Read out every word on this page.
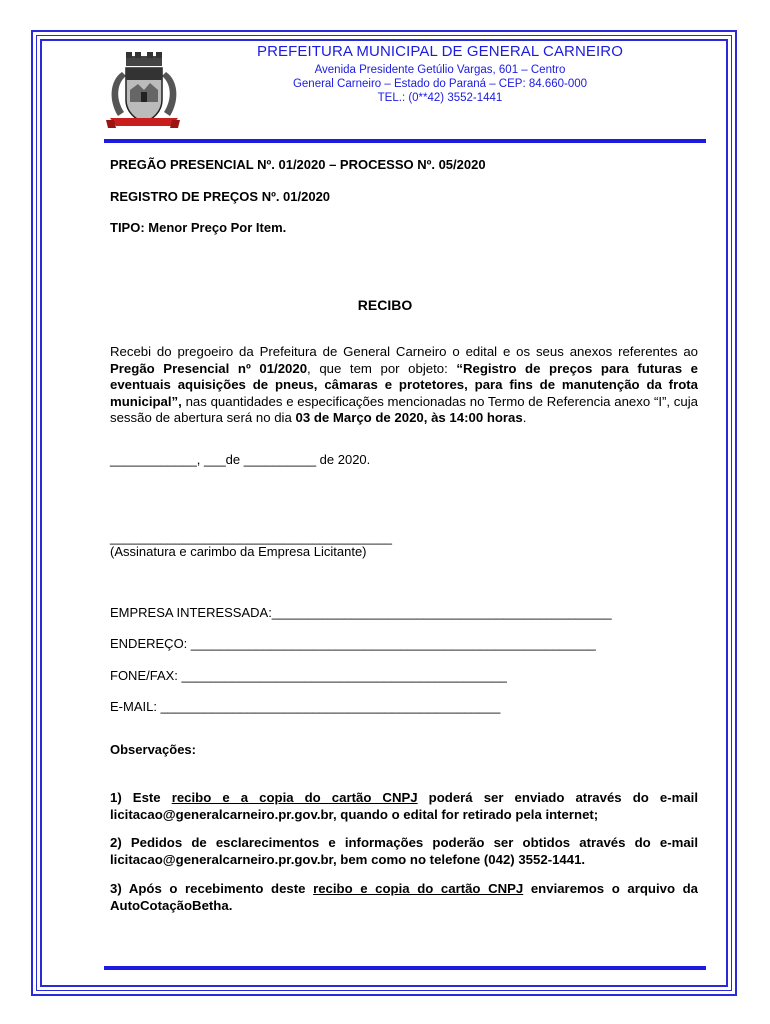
PREFEITURA MUNICIPAL DE GENERAL CARNEIRO
Avenida Presidente Getúlio Vargas, 601 – Centro
General Carneiro – Estado do Paraná – CEP: 84.660-000
TEL.: (0**42) 3552-1441
PREGÃO PRESENCIAL Nº. 01/2020 – PROCESSO Nº. 05/2020
REGISTRO DE PREÇOS Nº. 01/2020
TIPO: Menor Preço Por Item.
RECIBO
Recebi do pregoeiro da Prefeitura de General Carneiro o edital e os seus anexos referentes ao Pregão Presencial nº 01/2020, que tem por objeto: “Registro de preços para futuras e eventuais aquisições de pneus, câmaras e protetores, para fins de manutenção da frota municipal”, nas quantidades e especificações mencionadas no Termo de Referencia anexo “I”, cuja sessão de abertura será no dia 03 de Março de 2020, às 14:00 horas.
____________, ___de __________ de 2020.
_______________________________________
(Assinatura e carimbo da Empresa Licitante)
EMPRESA INTERESSADA:_______________________________________________
ENDEREÇO: ________________________________________________________
FONE/FAX: _____________________________________________
E-MAIL: _______________________________________________
Observações:
1) Este recibo e a copia do cartão CNPJ poderá ser enviado através do e-mail licitacao@generalcarneiro.pr.gov.br, quando o edital for retirado pela internet;
2) Pedidos de esclarecimentos e informações poderão ser obtidos através do e-mail licitacao@generalcarneiro.pr.gov.br, bem como no telefone (042) 3552-1441.
3) Após o recebimento deste recibo e copia do cartão CNPJ enviaremos o arquivo da AutoCotaçãoBetha.
